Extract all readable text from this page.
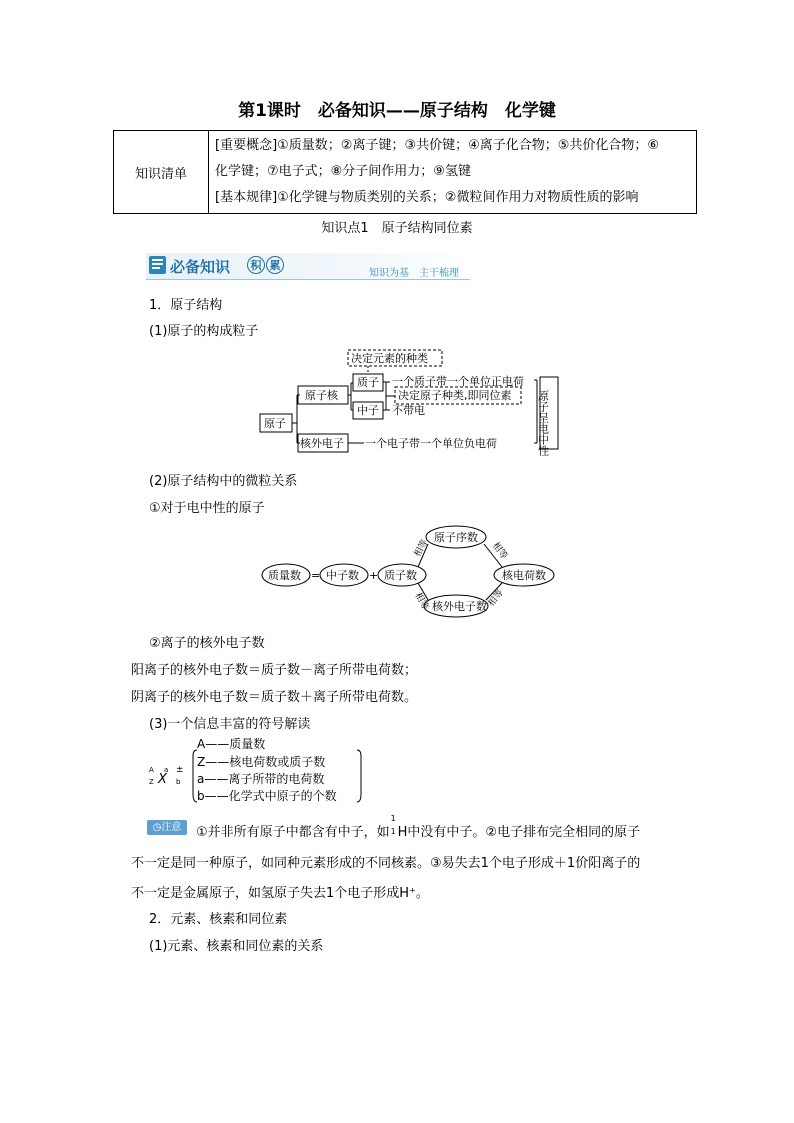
第1课时　必备知识——原子结构　化学键
知识清单	
[重要概念]①质量数；②离子键；③共价键；④离子化合物；⑤共价化合物；⑥
化学键；⑦电子式；⑧分子间作用力；⑨氢键
[基本规律]①化学键与物质类别的关系；②微粒间作用力对物质性质的影响
知识点1　原子结构同位素
必备知识	积 累
知识为基　主干梳理
1．原子结构
(1)原子的构成粒子
原子
原子核
核外电子
质子
中子
决定元素的种类
决定原子种类,即同位素
一个质子带一个单位正电荷
不带电
一个电子带一个单位负电荷	原子呈电中性
(2)原子结构中的微粒关系
①对于电中性的原子
质量数 中子数 质子数
原子序数
核电荷数
核外电子数
=	+
相等	相等
相等	相等
②离子的核外电子数
阳离子的核外电子数＝质子数－离子所带电荷数；
阴离子的核外电子数＝质子数＋离子所带电荷数。
(3)一个信息丰富的符号解读
A
Z
a
b
±
X
A——质量数
Z——核电荷数或质子数
a——离子所带的电荷数
b——化学式中原子的个数
◷注意	①并非所有原子中都含有中子，如
1
1 H中没有中子。②电子排布完全相同的原子
不一定是同一种原子，如同种元素形成的不同核素。③易失去1个电子形成＋1价阳离子的
不一定是金属原子，如氢原子失去1个电子形成H⁺。
2．元素、核素和同位素
(1)元素、核素和同位素的关系
